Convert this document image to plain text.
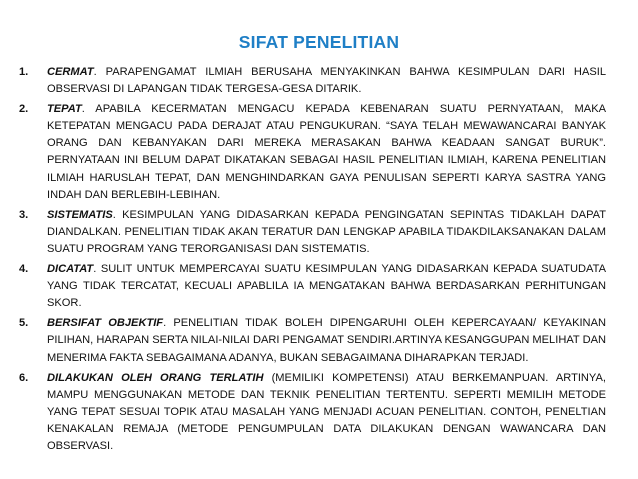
SIFAT PENELITIAN
1. CERMAT. PARAPENGAMAT ILMIAH BERUSAHA MENYAKINKAN BAHWA KESIMPULAN DARI HASIL OBSERVASI DI LAPANGAN TIDAK TERGESA-GESA DITARIK.
2. TEPAT. APABILA KECERMATAN MENGACU KEPADA KEBENARAN SUATU PERNYATAAN, MAKA KETEPATAN MENGACU PADA DERAJAT ATAU PENGUKURAN. “SAYA TELAH MEWAWANCARAI BANYAK ORANG DAN KEBANYAKAN DARI MEREKA MERASAKAN BAHWA KEADAAN SANGAT BURUK”. PERNYATAAN INI BELUM DAPAT DIKATAKAN SEBAGAI HASIL PENELITIAN ILMIAH, KARENA PENELITIAN ILMIAH HARUSLAH TEPAT, DAN MENGHINDARKAN GAYA PENULISAN SEPERTI KARYA SASTRA YANG INDAH DAN BERLEBIH-LEBIHAN.
3. SISTEMATIS. KESIMPULAN YANG DIDASARKAN KEPADA PENGINGATAN SEPINTAS TIDAKLAH DAPAT DIANDALKAN. PENELITIAN TIDAK AKAN TERATUR DAN LENGKAP APABILA TIDAKDILAKSANAKAN DALAM SUATU PROGRAM YANG TERORGANISASI DAN SISTEMATIS.
4. DICATAT. SULIT UNTUK MEMPERCAYAI SUATU KESIMPULAN YANG DIDASARKAN KEPADA SUATUDATA YANG TIDAK TERCATAT, KECUALI APABLILA IA MENGATAKAN BAHWA BERDASARKAN PERHITUNGAN SKOR.
5. BERSIFAT OBJEKTIF. PENELITIAN TIDAK BOLEH DIPENGARUHI OLEH KEPERCAYAAN/ KEYAKINAN PILIHAN, HARAPAN SERTA NILAI-NILAI DARI PENGAMAT SENDIRI.ARTINYA KESANGGUPAN MELIHAT DAN MENERIMA FAKTA SEBAGAIMANA ADANYA, BUKAN SEBAGAIMANA DIHARAPKAN TERJADI.
6. DILAKUKAN OLEH ORANG TERLATIH (MEMILIKI KOMPETENSI) ATAU BERKEMANPUAN. ARTINYA, MAMPU MENGGUNAKAN METODE DAN TEKNIK PENELITIAN TERTENTU. SEPERTI MEMILIH METODE YANG TEPAT SESUAI TOPIK ATAU MASALAH YANG MENJADI ACUAN PENELITIAN. CONTOH, PENELTIAN KENAKALAN REMAJA (METODE PENGUMPULAN DATA DILAKUKAN DENGAN WAWANCARA DAN OBSERVASI.
